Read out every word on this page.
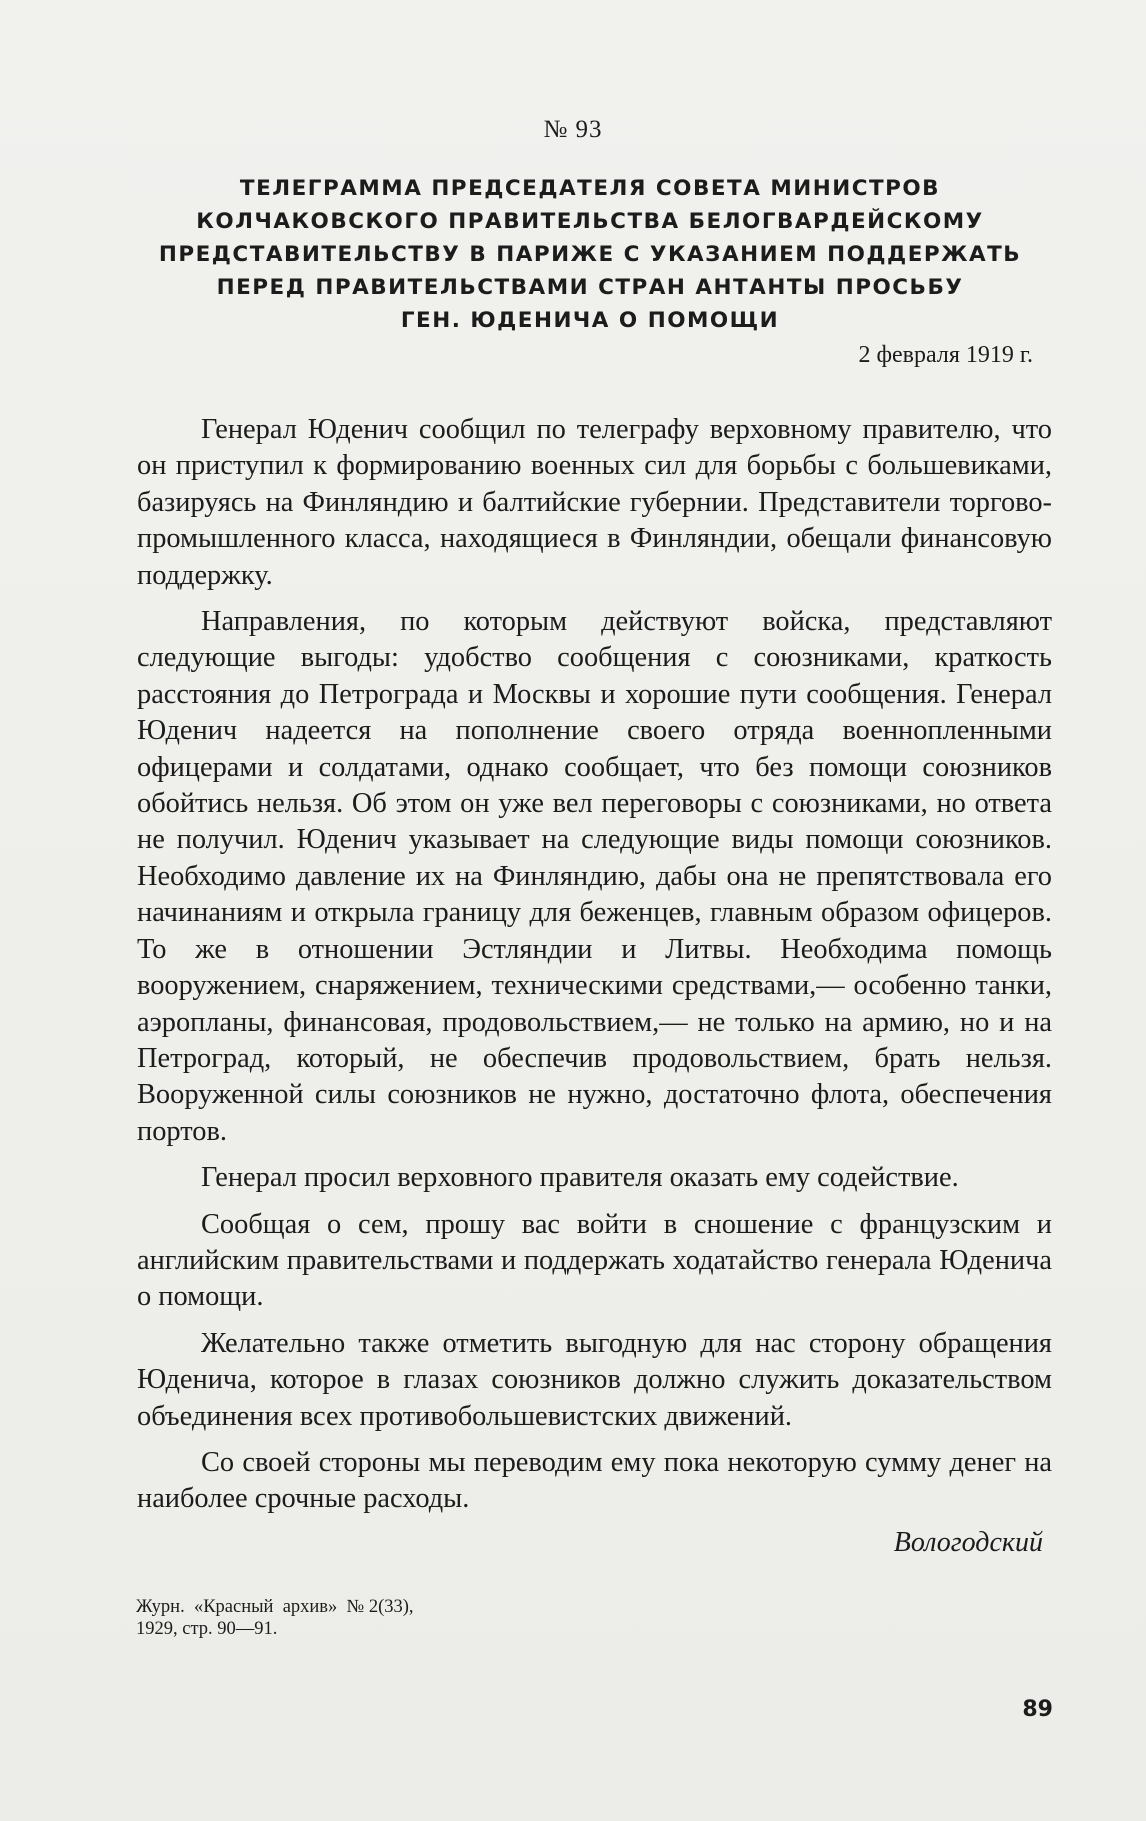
№ 93
ТЕЛЕГРАММА ПРЕДСЕДАТЕЛЯ СОВЕТА МИНИСТРОВ
КОЛЧАКОВСКОГО ПРАВИТЕЛЬСТВА БЕЛОГВАРДЕЙСКОМУ
ПРЕДСТАВИТЕЛЬСТВУ В ПАРИЖЕ С УКАЗАНИЕМ ПОДДЕРЖАТЬ
ПЕРЕД ПРАВИТЕЛЬСТВАМИ СТРАН АНТАНТЫ ПРОСЬБУ
ГЕН. ЮДЕНИЧА О ПОМОЩИ
2 февраля 1919 г.

Генерал Юденич сообщил по телеграфу верховному правителю, что он приступил к формированию военных сил для борьбы с большевиками, базируясь на Финляндию и балтийские губернии. Представители торгово-промышленного класса, находящиеся в Финляндии, обещали финансовую поддержку.

Направления, по которым действуют войска, представляют следующие выгоды: удобство сообщения с союзниками, краткость расстояния до Петрограда и Москвы и хорошие пути сообщения. Генерал Юденич надеется на пополнение своего отряда военнопленными офицерами и солдатами, однако сообщает, что без помощи союзников обойтись нельзя. Об этом он уже вел переговоры с союзниками, но ответа не получил. Юденич указывает на следующие виды помощи союзников. Необходимо давление их на Финляндию, дабы она не препятствовала его начинаниям и открыла границу для беженцев, главным образом офицеров. То же в отношении Эстляндии и Литвы. Необходима помощь вооружением, снаряжением, техническими средствами,— особенно танки, аэропланы, финансовая, продовольствием,— не только на армию, но и на Петроград, который, не обеспечив продовольствием, брать нельзя. Вооруженной силы союзников не нужно, достаточно флота, обеспечения портов.

Генерал просил верховного правителя оказать ему содействие.

Сообщая о сем, прошу вас войти в сношение с французским и английским правительствами и поддержать ходатайство генерала Юденича о помощи.

Желательно также отметить выгодную для нас сторону обращения Юденича, которое в глазах союзников должно служить доказательством объединения всех противобольшевистских движений.

Со своей стороны мы переводим ему пока некоторую сумму денег на наиболее срочные расходы.

Вологодский
Журн.  «Красный  архив»  № 2(33),
1929, стр. 90—91.
89
